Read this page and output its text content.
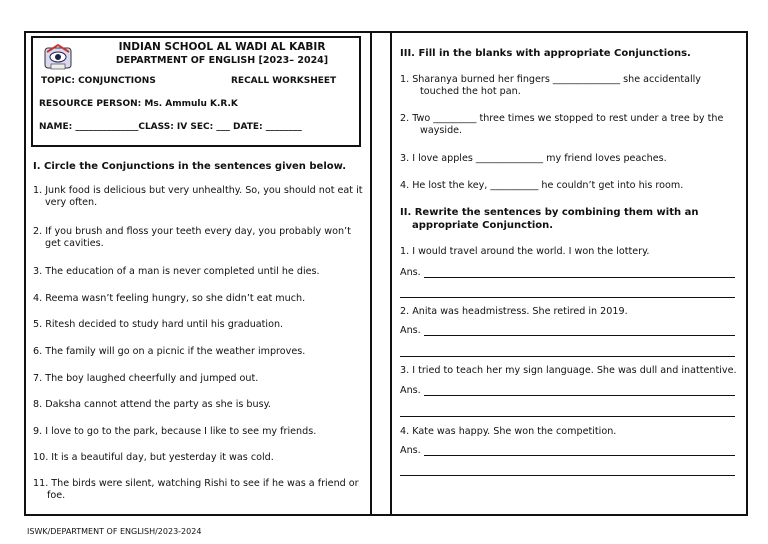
INDIAN SCHOOL AL WADI AL KABIR
DEPARTMENT OF ENGLISH [2023– 2024]
TOPIC: CONJUNCTIONS	RECALL WORKSHEET
RESOURCE PERSON: Ms. Ammulu K.R.K
NAME: ______________CLASS: IV SEC: ___ DATE: ________
I. Circle the Conjunctions in the sentences given below.
1. Junk food is delicious but very unhealthy. So, you should not eat it very often.
2. If you brush and floss your teeth every day, you probably won’t get cavities.
3. The education of a man is never completed until he dies.
4. Reema wasn’t feeling hungry, so she didn’t eat much.
5. Ritesh decided to study hard until his graduation.
6. The family will go on a picnic if the weather improves.
7. The boy laughed cheerfully and jumped out.
8. Daksha cannot attend the party as she is busy.
9. I love to go to the park, because I like to see my friends.
10. It is a beautiful day, but yesterday it was cold.
11. The birds were silent, watching Rishi to see if he was a friend or foe.
III. Fill in the blanks with appropriate Conjunctions.
1. Sharanya burned her fingers ______________ she accidentally touched the hot pan.
2. Two _________ three times we stopped to rest under a tree by the wayside.
3. I love apples ______________ my friend loves peaches.
4. He lost the key, __________ he couldn’t get into his room.
II. Rewrite the sentences by combining them with an appropriate Conjunction.
1. I would travel around the world. I won the lottery.
Ans.
2. Anita was headmistress. She retired in 2019.
Ans.
3. I tried to teach her my sign language. She was dull and inattentive.
Ans.
4. Kate was happy. She won the competition.
Ans.
ISWK/DEPARTMENT OF ENGLISH/2023-2024
